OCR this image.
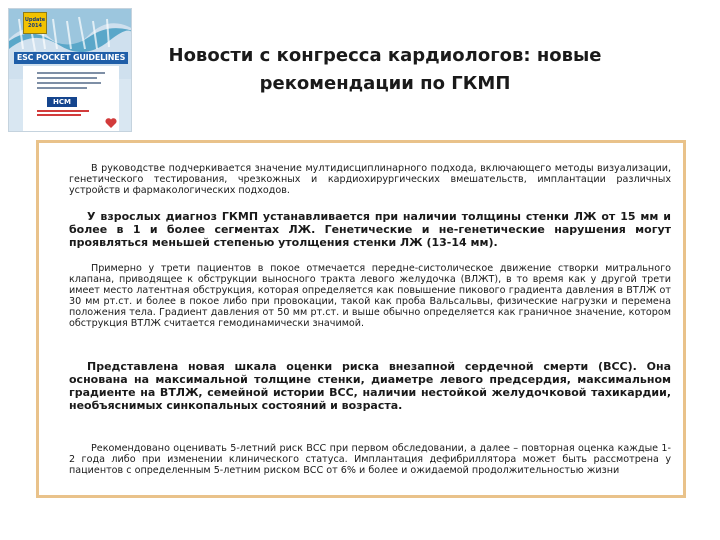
Update 2014
ESC POCKET GUIDELINES
HCM
Новости с конгресса кардиологов: новые рекомендации по ГКМП

В руководстве подчеркивается значение мултидисциплинарного подхода, включающего методы визуализации, генетического тестирования, чрезкожных и кардиохирургических вмешательств, имплантации различных устройств и фармакологических подходов.

У взрослых диагноз ГКМП устанавливается при наличии толщины стенки ЛЖ от 15 мм и более в 1 и более сегментах ЛЖ. Генетические и не-генетические нарушения могут проявляться меньшей степенью утолщения стенки ЛЖ (13-14 мм).

Примерно у трети пациентов в покое отмечается передне-систолическое движение створки митрального клапана, приводящее к обструкции выносного тракта левого желудочка (ВЛЖТ), в то время как у другой трети имеет место латентная обструкция, которая определяется как повышение пикового градиента давления в ВТЛЖ от 30 мм рт.ст. и более в покое либо при провокации, такой как проба Вальсальвы, физические нагрузки и перемена положения тела. Градиент давления от 50 мм рт.ст. и выше обычно определяется как граничное значение, котором обструкция ВТЛЖ считается гемодинамически значимой.

Представлена новая шкала оценки риска внезапной сердечной смерти (ВСС). Она основана на максимальной толщине стенки, диаметре левого предсердия, максимальном градиенте на ВТЛЖ, семейной истории ВСС, наличии нестойкой желудочковой тахикардии, необъяснимых синкопальных состояний и возраста.

Рекомендовано оценивать 5-летний риск ВСС при первом обследовании, а далее – повторная оценка каждые 1-2 года либо при изменении клинического статуса. Имплантация дефибриллятора может быть рассмотрена у пациентов с определенным 5-летним риском ВСС от 6% и более и ожидаемой продолжительностью жизни
